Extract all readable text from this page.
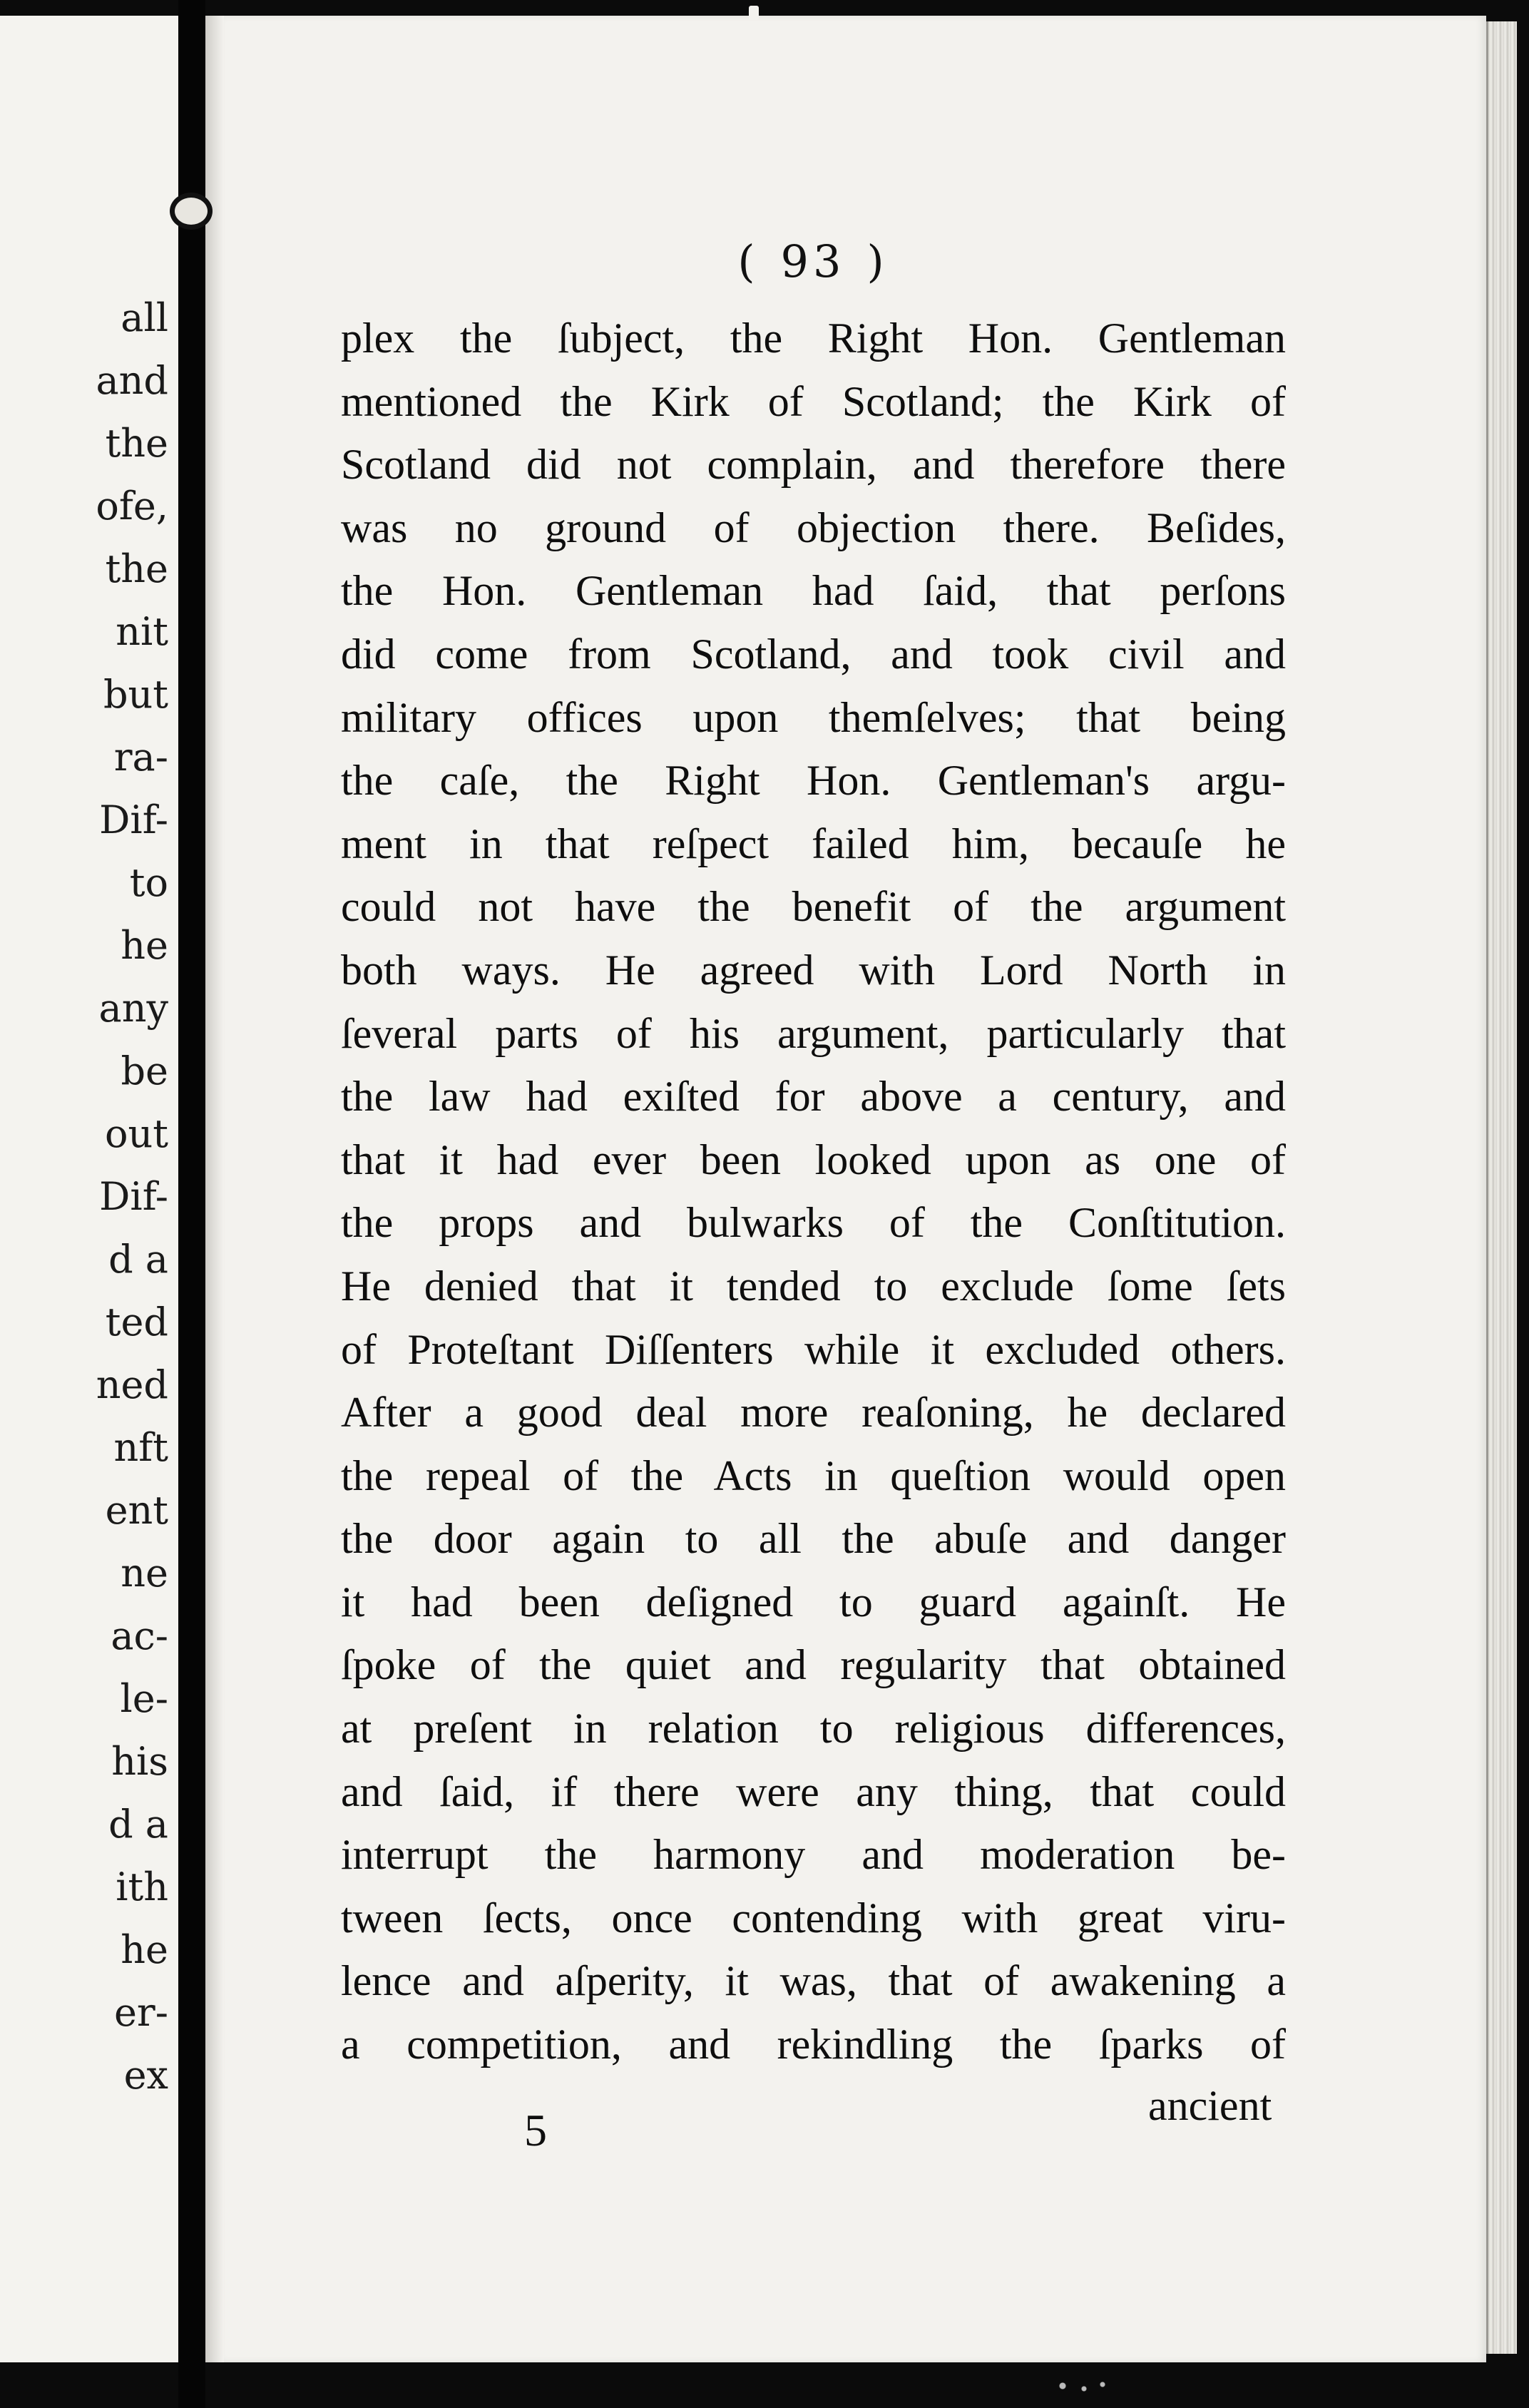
all
and
the
ofe,
the
nit
but
ra-
Dif-
to
he
any
be
out
Dif-
d a
ted
ned
nft
ent
ne
ac-
le-
his
d a
ith
he
er-
ex
( 93 )
plex the ſubject, the Right Hon. Gentleman
mentioned the Kirk of Scotland; the Kirk of
Scotland did not complain, and therefore there
was no ground of objection there. Beſides,
the Hon. Gentleman had ſaid, that perſons
did come from Scotland, and took civil and
military offices upon themſelves; that being
the caſe, the Right Hon. Gentleman's argu-
ment in that reſpect failed him, becauſe he
could not have the benefit of the argument
both ways. He agreed with Lord North in
ſeveral parts of his argument, particularly that
the law had exiſted for above a century, and
that it had ever been looked upon as one of
the props and bulwarks of the Conſtitution.
He denied that it tended to exclude ſome ſets
of Proteſtant Diſſenters while it excluded others.
After a good deal more reaſoning, he declared
the repeal of the Acts in queſtion would open
the door again to all the abuſe and danger
it had been deſigned to guard againſt. He
ſpoke of the quiet and regularity that obtained
at preſent in relation to religious differences,
and ſaid, if there were any thing, that could
interrupt the harmony and moderation be-
tween ſects, once contending with great viru-
lence and aſperity, it was, that of awakening a
a competition, and rekindling the ſparks of
5	ancient
